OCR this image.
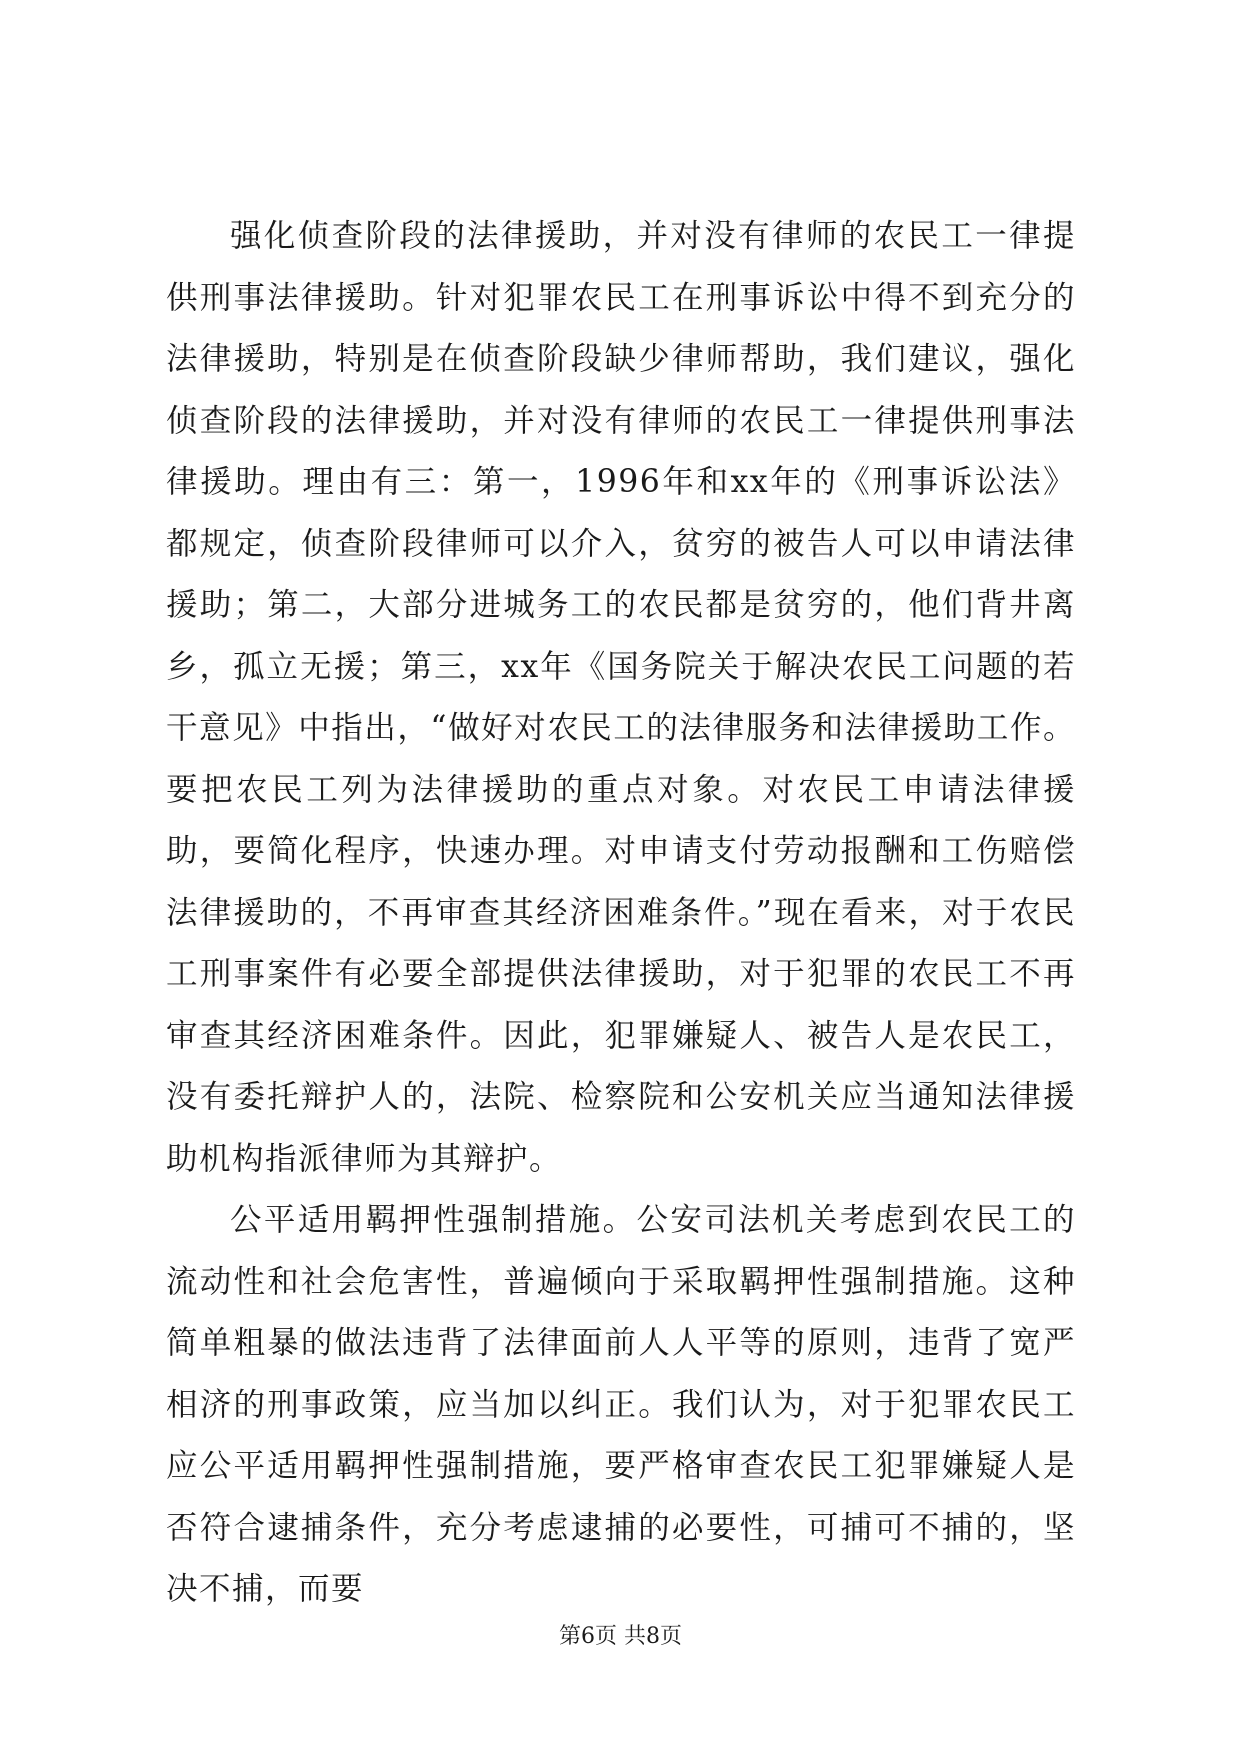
强化侦查阶段的法律援助，并对没有律师的农民工一律提供刑事法律援助。针对犯罪农民工在刑事诉讼中得不到充分的法律援助，特别是在侦查阶段缺少律师帮助，我们建议，强化侦查阶段的法律援助，并对没有律师的农民工一律提供刑事法律援助。理由有三：第一，1996年和xx年的《刑事诉讼法》都规定，侦查阶段律师可以介入，贫穷的被告人可以申请法律援助；第二，大部分进城务工的农民都是贫穷的，他们背井离乡，孤立无援；第三，xx年《国务院关于解决农民工问题的若干意见》中指出，“做好对农民工的法律服务和法律援助工作。要把农民工列为法律援助的重点对象。对农民工申请法律援助，要简化程序，快速办理。对申请支付劳动报酬和工伤赔偿法律援助的，不再审查其经济困难条件。”现在看来，对于农民工刑事案件有必要全部提供法律援助，对于犯罪的农民工不再审查其经济困难条件。因此，犯罪嫌疑人、被告人是农民工，没有委托辩护人的，法院、检察院和公安机关应当通知法律援助机构指派律师为其辩护。

公平适用羁押性强制措施。公安司法机关考虑到农民工的流动性和社会危害性，普遍倾向于采取羁押性强制措施。这种简单粗暴的做法违背了法律面前人人平等的原则，违背了宽严相济的刑事政策，应当加以纠正。我们认为，对于犯罪农民工应公平适用羁押性强制措施，要严格审查农民工犯罪嫌疑人是否符合逮捕条件，充分考虑逮捕的必要性，可捕可不捕的，坚决不捕，而要

第6页 共8页
